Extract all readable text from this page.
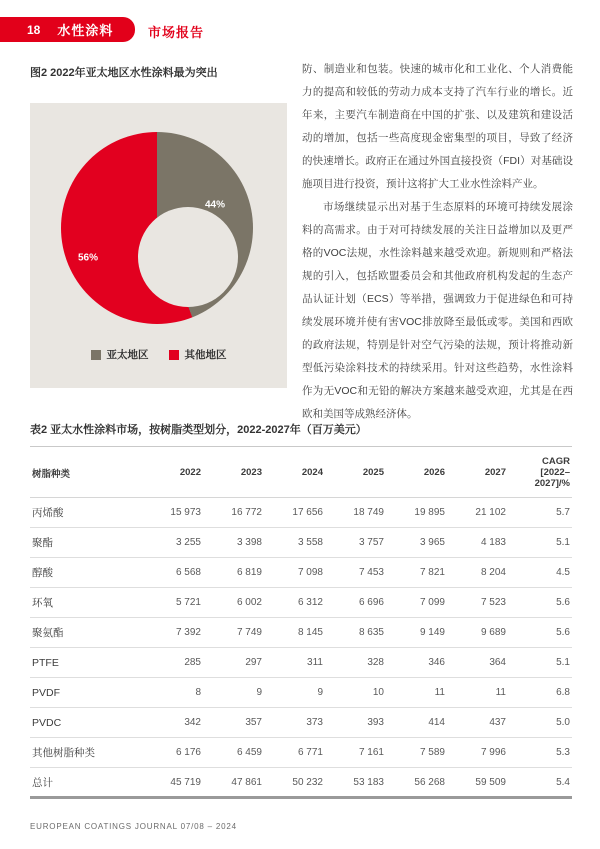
18 水性涂料	市场报告
图2 2022年亚太地区水性涂料最为突出
44%
56%
亚太地区	其他地区

防、制造业和包装。快速的城市化和工业化、个人消费能力的提高和较低的劳动力成本支持了汽车行业的增长。近年来，主要汽车制造商在中国的扩张、以及建筑和建设活动的增加，包括一些高度现金密集型的项目，导致了经济的快速增长。政府正在通过外国直接投资（FDI）对基础设施项目进行投资，预计这将扩大工业水性涂料产业。

市场继续显示出对基于生态原料的环境可持续发展涂料的高需求。由于对可持续发展的关注日益增加以及更严格的VOC法规，水性涂料越来越受欢迎。新规则和严格法规的引入，包括欧盟委员会和其他政府机构发起的生态产品认证计划（ECS）等举措，强调致力于促进绿色和可持续发展环境并使有害VOC排放降至最低或零。美国和西欧的政府法规，特别是针对空气污染的法规，预计将推动新型低污染涂料技术的持续采用。针对这些趋势，水性涂料作为无VOC和无铅的解决方案越来越受欢迎，尤其是在西欧和美国等成熟经济体。

表2 亚太水性涂料市场，按树脂类型划分，2022-2027年（百万美元）
树脂种类	2022	2023	2024	2025	2026	2027	CAGR [2022–2027]/%
丙烯酸	15 973	16 772	17 656	18 749	19 895	21 102	5.7
聚酯	3 255	3 398	3 558	3 757	3 965	4 183	5.1
醇酸	6 568	6 819	7 098	7 453	7 821	8 204	4.5
环氧	5 721	6 002	6 312	6 696	7 099	7 523	5.6
聚氨酯	7 392	7 749	8 145	8 635	9 149	9 689	5.6
PTFE	285	297	311	328	346	364	5.1
PVDF	8	9	9	10	11	11	6.8
PVDC	342	357	373	393	414	437	5.0
其他树脂种类	6 176	6 459	6 771	7 161	7 589	7 996	5.3
总计	45 719	47 861	50 232	53 183	56 268	59 509	5.4
EUROPEAN COATINGS JOURNAL 07/08 – 2024
